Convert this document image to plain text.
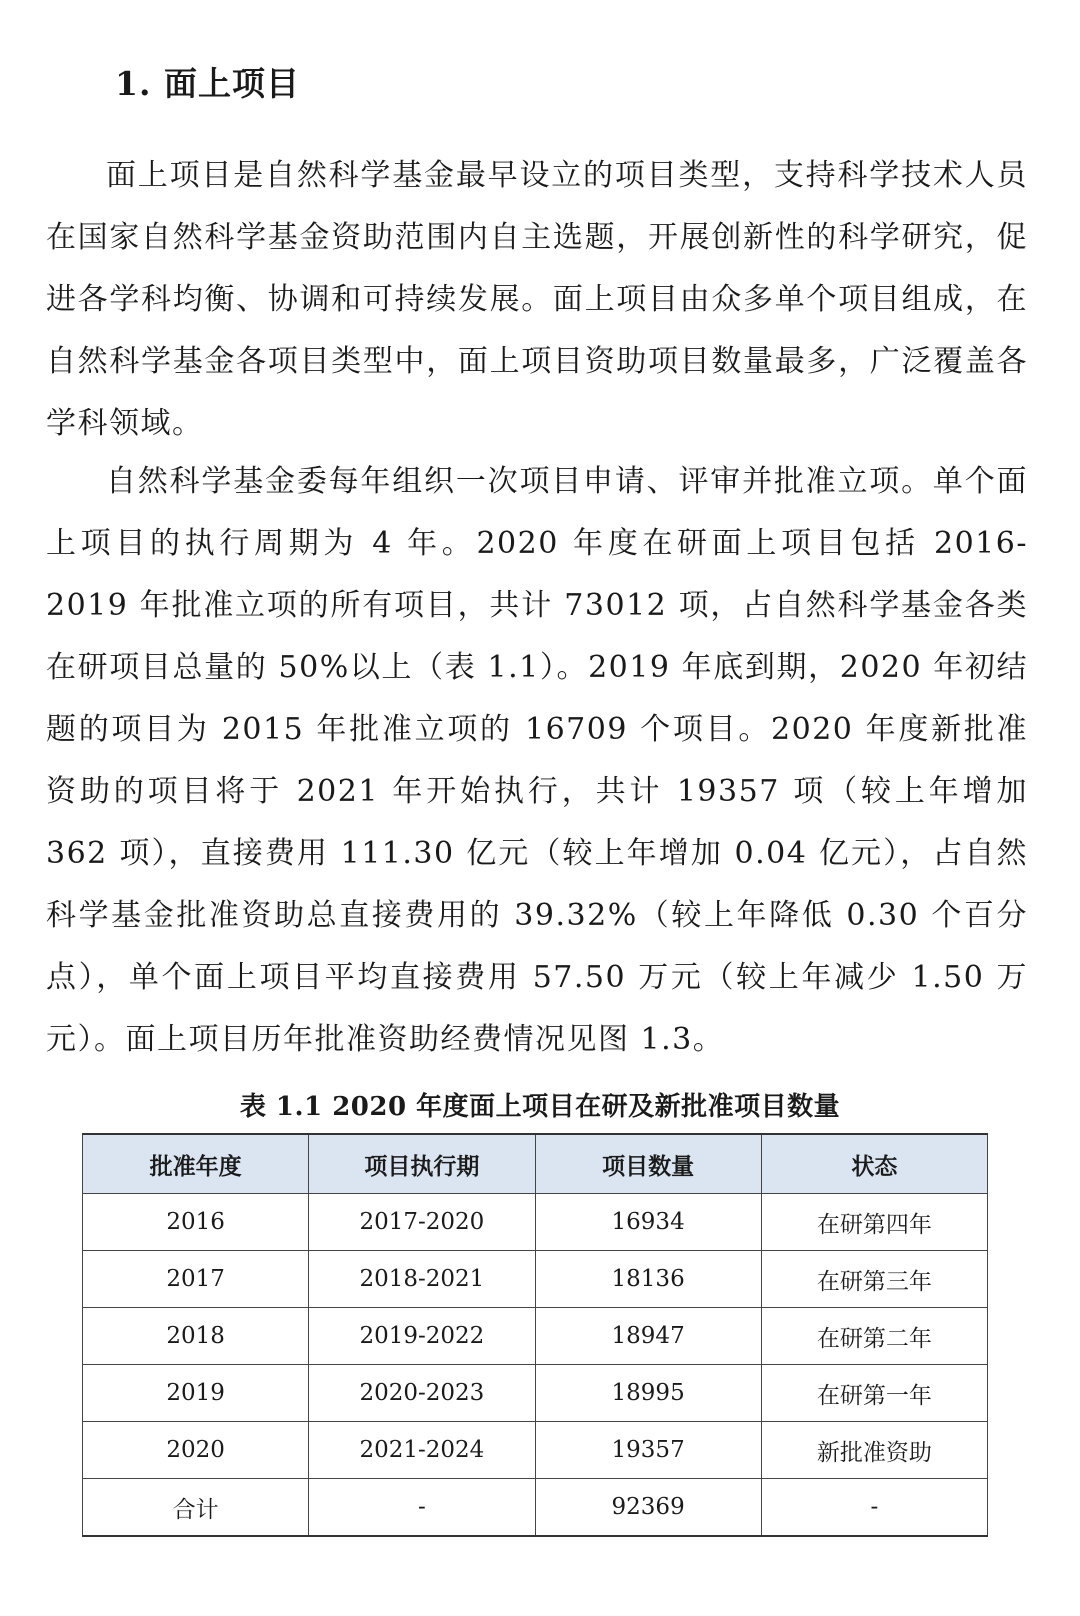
1. 面上项目

面上项目是自然科学基金最早设立的项目类型，支持科学技术人员在国家自然科学基金资助范围内自主选题，开展创新性的科学研究，促进各学科均衡、协调和可持续发展。面上项目由众多单个项目组成，在自然科学基金各项目类型中，面上项目资助项目数量最多，广泛覆盖各学科领域。

自然科学基金委每年组织一次项目申请、评审并批准立项。单个面上项目的执行周期为 4 年。2020 年度在研面上项目包括 2016-2019 年批准立项的所有项目，共计 73012 项，占自然科学基金各类在研项目总量的 50%以上（表 1.1）。2019 年底到期，2020 年初结题的项目为 2015 年批准立项的 16709 个项目。2020 年度新批准资助的项目将于 2021 年开始执行，共计 19357 项（较上年增加 362 项），直接费用 111.30 亿元（较上年增加 0.04 亿元），占自然科学基金批准资助总直接费用的 39.32%（较上年降低 0.30 个百分点），单个面上项目平均直接费用 57.50 万元（较上年减少 1.50 万元）。面上项目历年批准资助经费情况见图 1.3。

表 1.1 2020 年度面上项目在研及新批准项目数量

批准年度	项目执行期	项目数量	状态
2016	2017-2020	16934	在研第四年
2017	2018-2021	18136	在研第三年
2018	2019-2022	18947	在研第二年
2019	2020-2023	18995	在研第一年
2020	2021-2024	19357	新批准资助
合计	-	92369	-
